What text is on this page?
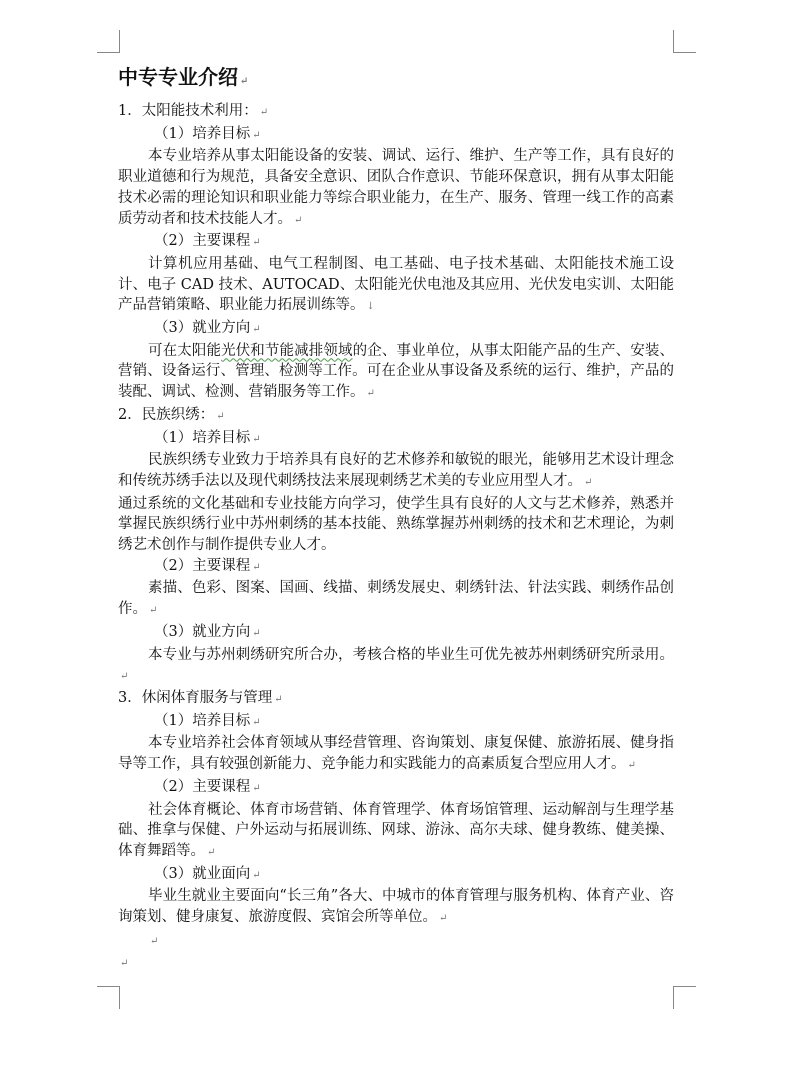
中专专业介绍 ↵

1．太阳能技术利用： ↵

（1）培养目标 ↵

本专业培养从事太阳能设备的安装、调试、运行、维护、生产等工作，具有良好的职业道德和行为规范，具备安全意识、团队合作意识、节能环保意识，拥有从事太阳能技术必需的理论知识和职业能力等综合职业能力，在生产、服务、管理一线工作的高素质劳动者和技术技能人才。 ↵

（2）主要课程 ↵

计算机应用基础、电气工程制图、电工基础、电子技术基础、太阳能技术施工设计、电子 CAD 技术、AUTOCAD、太阳能光伏电池及其应用、光伏发电实训、太阳能产品营销策略、职业能力拓展训练等。 ↓

（3）就业方向 ↵

可在太阳能光伏和节能减排领域的企、事业单位，从事太阳能产品的生产、安装、营销、设备运行、管理、检测等工作。可在企业从事设备及系统的运行、维护，产品的装配、调试、检测、营销服务等工作。 ↵

2．民族织绣： ↵

（1）培养目标 ↵

民族织绣专业致力于培养具有良好的艺术修养和敏锐的眼光，能够用艺术设计理念和传统苏绣手法以及现代刺绣技法来展现刺绣艺术美的专业应用型人才。 ↵

通过系统的文化基础和专业技能方向学习，使学生具有良好的人文与艺术修养，熟悉并掌握民族织绣行业中苏州刺绣的基本技能、熟练掌握苏州刺绣的技术和艺术理论，为刺绣艺术创作与制作提供专业人才。

（2）主要课程 ↵

素描、色彩、图案、国画、线描、刺绣发展史、刺绣针法、针法实践、刺绣作品创作。 ↵

（3）就业方向 ↵

本专业与苏州刺绣研究所合办，考核合格的毕业生可优先被苏州刺绣研究所录用。↵

3．休闲体育服务与管理 ↵

（1）培养目标 ↵

本专业培养社会体育领域从事经营管理、咨询策划、康复保健、旅游拓展、健身指导等工作，具有较强创新能力、竞争能力和实践能力的高素质复合型应用人才。 ↵

（2）主要课程 ↵

社会体育概论、体育市场营销、体育管理学、体育场馆管理、运动解剖与生理学基础、推拿与保健、户外运动与拓展训练、网球、游泳、高尔夫球、健身教练、健美操、体育舞蹈等。 ↵

（3）就业面向 ↵

毕业生就业主要面向“长三角”各大、中城市的体育管理与服务机构、体育产业、咨询策划、健身康复、旅游度假、宾馆会所等单位。 ↵

↵

↵
